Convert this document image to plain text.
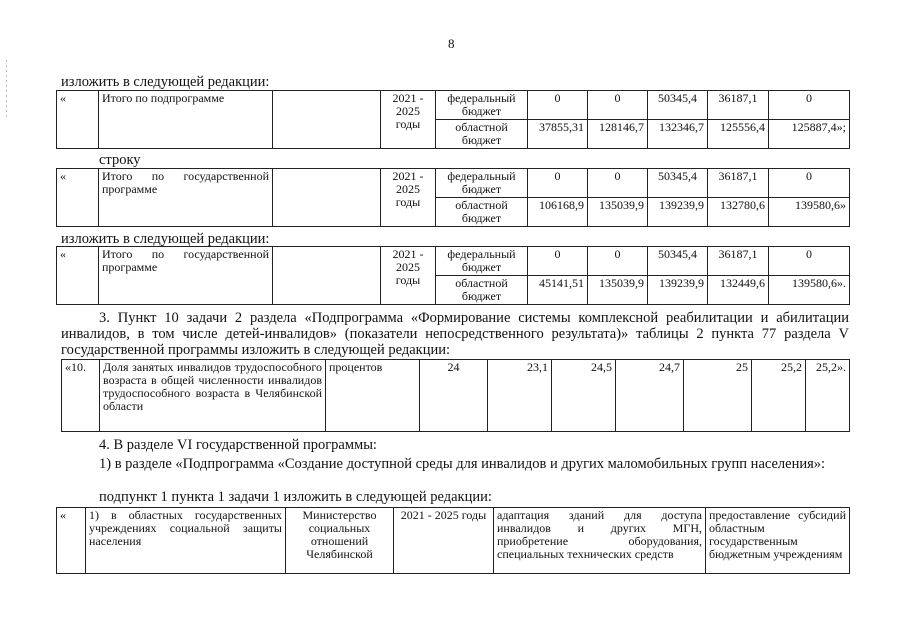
8
изложить в следующей редакции:
«	Итого по подпрограмме		2021 - 2025 годы	федеральный бюджет	0	0	50345,4	36187,1	0
				областной бюджет	37855,31	128146,7	132346,7	125556,4	125887,4»;
строку
«	Итого по государственной программе		2021 - 2025 годы	федеральный бюджет	0	0	50345,4	36187,1	0
				областной бюджет	106168,9	135039,9	139239,9	132780,6	139580,6»
изложить в следующей редакции:
«	Итого по государственной программе		2021 - 2025 годы	федеральный бюджет	0	0	50345,4	36187,1	0
				областной бюджет	45141,51	135039,9	139239,9	132449,6	139580,6».
3. Пункт 10 задачи 2 раздела «Подпрограмма «Формирование системы комплексной реабилитации и абилитации инвалидов, в том числе детей-инвалидов» (показатели непосредственного результата)» таблицы 2 пункта 77 раздела V государственной программы изложить в следующей редакции:
«10.	Доля занятых инвалидов трудоспособного возраста в общей численности инвалидов трудоспособного возраста в Челябинской области	процентов	24	23,1	24,5	24,7	25	25,2	25,2».
4. В разделе VI государственной программы:
1) в разделе «Подпрограмма «Создание доступной среды для инвалидов и других маломобильных групп населения»:
подпункт 1 пункта 1 задачи 1 изложить в следующей редакции:
«	1) в областных государственных учреждениях социальной защиты населения	Министерство социальных отношений Челябинской	2021 - 2025 годы	адаптация зданий для доступа инвалидов и других МГН, приобретение оборудования, специальных технических средств	предоставление субсидий областным государственным бюджетным учреждениям
